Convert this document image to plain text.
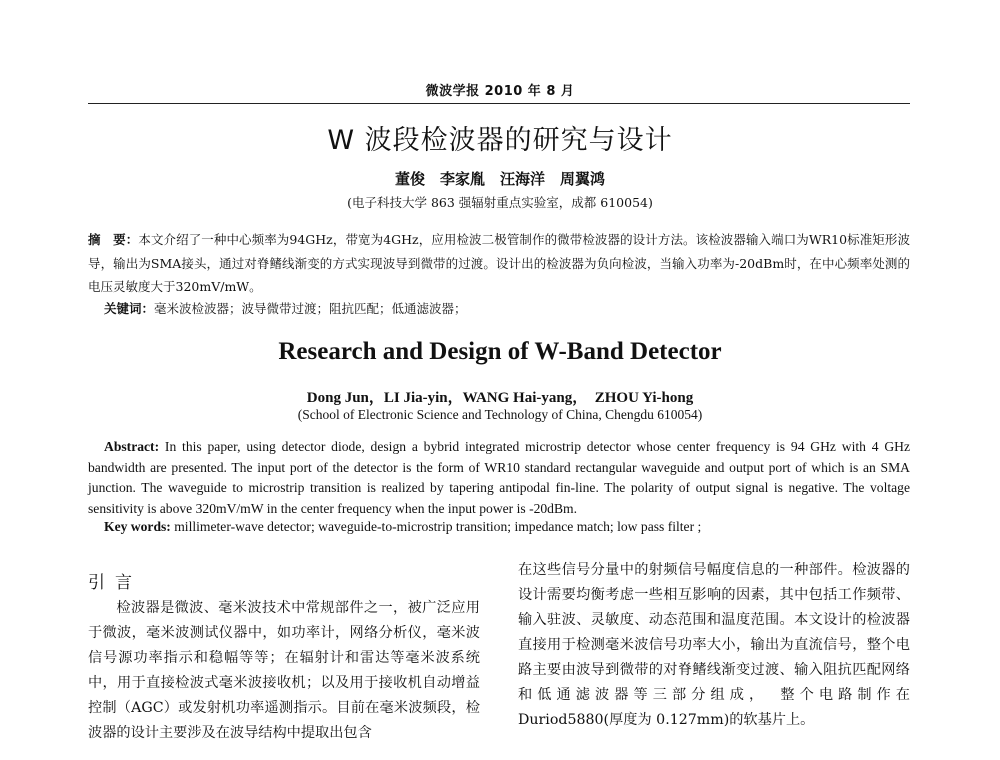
微波学报 2010 年 8 月
W 波段检波器的研究与设计
董俊　李家胤　汪海洋　周翼鸿
(电子科技大学 863 强辐射重点实验室，成都 610054)
摘　要：本文介绍了一种中心频率为94GHz，带宽为4GHz，应用检波二极管制作的微带检波器的设计方法。该检波器输入端口为WR10标准矩形波导，输出为SMA接头，通过对脊鳍线渐变的方式实现波导到微带的过渡。设计出的检波器为负向检波，当输入功率为-20dBm时，在中心频率处测的电压灵敏度大于320mV/mW。
关键词：毫米波检波器；波导微带过渡；阻抗匹配；低通滤波器；
Research and Design of W-Band Detector
Dong Jun，LI Jia-yin，WANG Hai-yang，　ZHOU Yi-hong
(School of Electronic Science and Technology of China, Chengdu 610054)
Abstract: In this paper, using detector diode, design a bybrid integrated microstrip detector whose center frequency is 94 GHz with 4 GHz bandwidth are presented. The input port of the detector is the form of WR10 standard rectangular waveguide and output port of which is an SMA junction. The waveguide to microstrip transition is realized by tapering antipodal fin-line. The polarity of output signal is negative. The voltage sensitivity is above 320mV/mW in the center frequency when the input power is -20dBm.
Key words: millimeter-wave detector; waveguide-to-microstrip transition; impedance match; low pass filter ;
引言

检波器是微波、毫米波技术中常规部件之一，被广泛应用于微波，毫米波测试仪器中，如功率计，网络分析仪，毫米波信号源功率指示和稳幅等等；在辐射计和雷达等毫米波系统中，用于直接检波式毫米波接收机；以及用于接收机自动增益控制（AGC）或发射机功率遥测指示。目前在毫米波频段，检波器的设计主要涉及在波导结构中提取出包含

在这些信号分量中的射频信号幅度信息的一种部件。检波器的设计需要均衡考虑一些相互影响的因素，其中包括工作频带、输入驻波、灵敏度、动态范围和温度范围。本文设计的检波器直接用于检测毫米波信号功率大小，输出为直流信号，整个电路主要由波导到微带的对脊鳍线渐变过渡、输入阻抗匹配网络和低通滤波器等三部分组成，　整个电路制作在 Duriod5880(厚度为 0.127mm)的软基片上。
